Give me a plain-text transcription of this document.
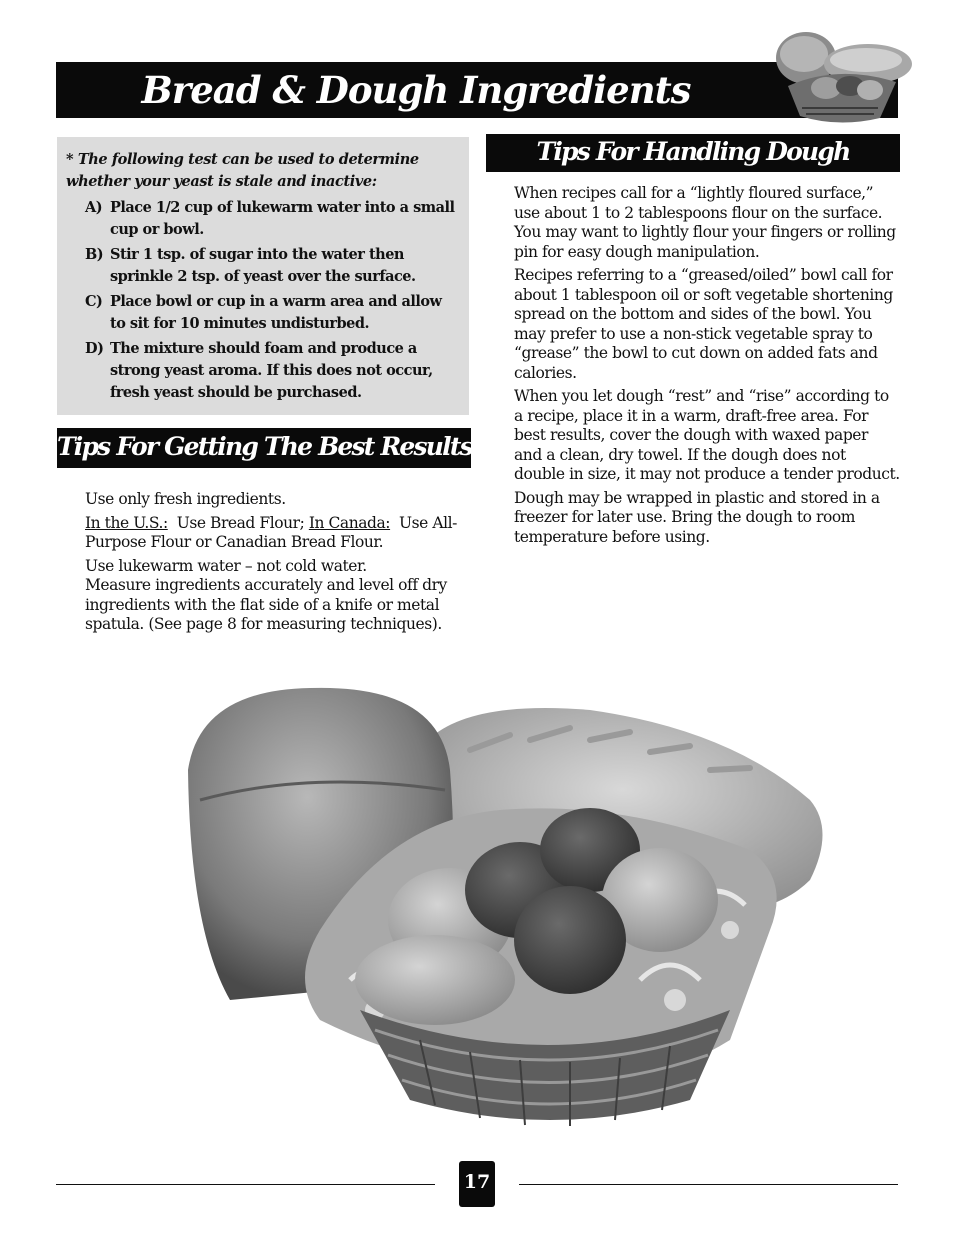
Bread & Dough Ingredients

* The following test can be used to determine whether your yeast is stale and inactive:

A) Place 1/2 cup of lukewarm water into a small cup or bowl.
B) Stir 1 tsp. of sugar into the water then sprinkle 2 tsp. of yeast over the surface.
C) Place bowl or cup in a warm area and allow to sit for 10 minutes undisturbed.
D) The mixture should foam and produce a strong yeast aroma. If this does not occur, fresh yeast should be purchased.
Tips For Handling Dough

When recipes call for a “lightly floured surface,” use about 1 to 2 tablespoons flour on the surface. You may want to lightly flour your fingers or rolling pin for easy dough manipulation.

Recipes referring to a “greased/oiled” bowl call for about 1 tablespoon oil or soft vegetable shortening spread on the bottom and sides of the bowl. You may prefer to use a non-stick vegetable spray to “grease” the bowl to cut down on added fats and calories.

When you let dough “rest” and “rise” according to a recipe, place it in a warm, draft-free area. For best results, cover the dough with waxed paper and a clean, dry towel. If the dough does not double in size, it may not produce a tender product.

Dough may be wrapped in plastic and stored in a freezer for later use. Bring the dough to room temperature before using.

Tips For Getting The Best Results

Use only fresh ingredients.

In the U.S.: Use Bread Flour; In Canada: Use All-Purpose Flour or Canadian Bread Flour.

Use lukewarm water – not cold water.

Measure ingredients accurately and level off dry ingredients with the flat side of a knife or metal spatula. (See page 8 for measuring techniques).

17
